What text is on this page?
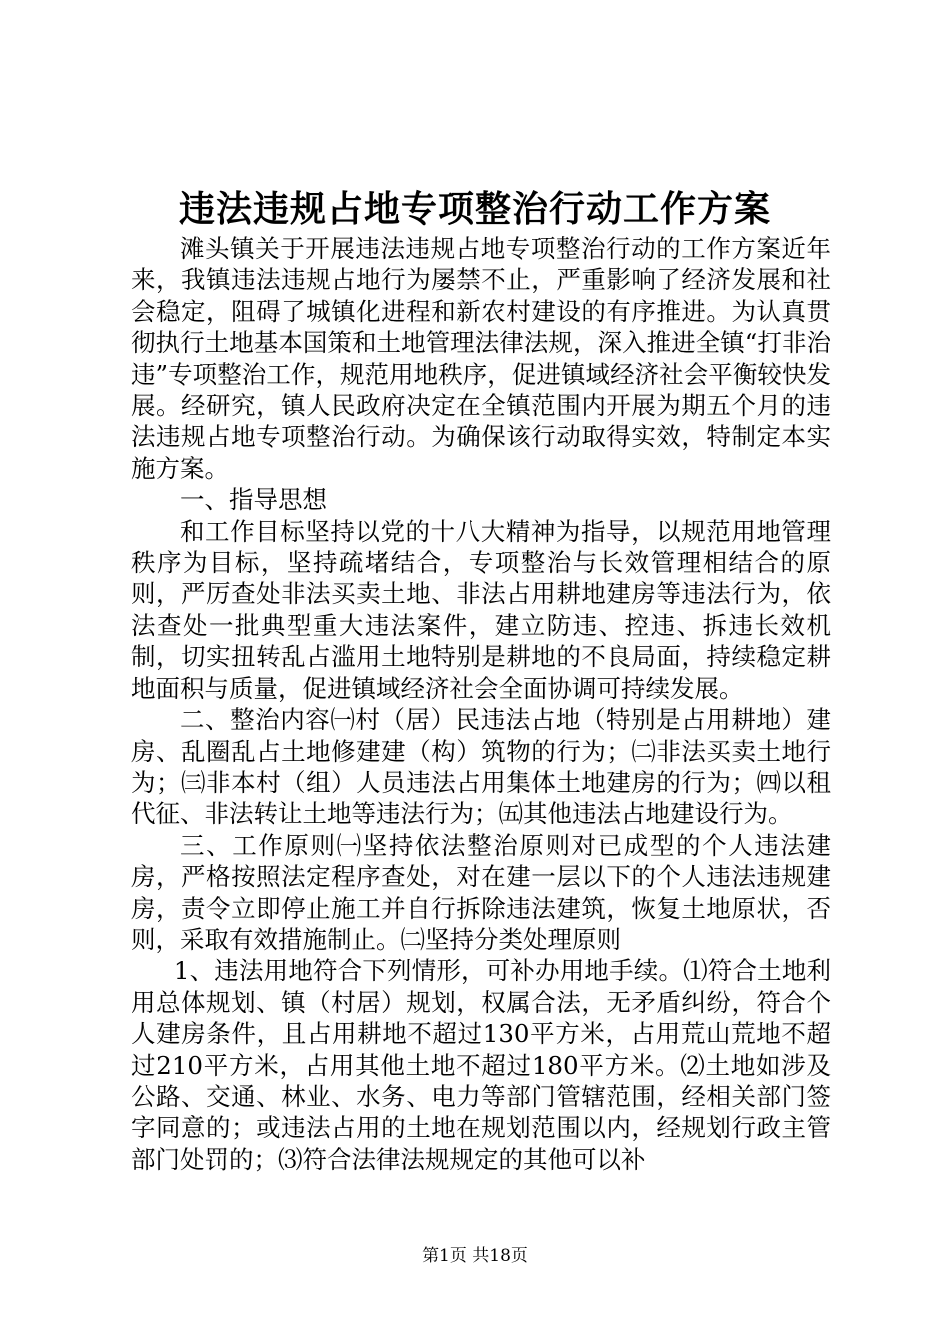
违法违规占地专项整治行动工作方案

滩头镇关于开展违法违规占地专项整治行动的工作方案近年来，我镇违法违规占地行为屡禁不止，严重影响了经济发展和社会稳定，阻碍了城镇化进程和新农村建设的有序推进。为认真贯彻执行土地基本国策和土地管理法律法规，深入推进全镇“打非治违”专项整治工作，规范用地秩序，促进镇域经济社会平衡较快发展。经研究，镇人民政府决定在全镇范围内开展为期五个月的违法违规占地专项整治行动。为确保该行动取得实效，特制定本实施方案。

一、指导思想

和工作目标坚持以党的十八大精神为指导，以规范用地管理秩序为目标，坚持疏堵结合，专项整治与长效管理相结合的原则，严厉查处非法买卖土地、非法占用耕地建房等违法行为，依法查处一批典型重大违法案件，建立防违、控违、拆违长效机制，切实扭转乱占滥用土地特别是耕地的不良局面，持续稳定耕地面积与质量，促进镇域经济社会全面协调可持续发展。

二、整治内容㈠村（居）民违法占地（特别是占用耕地）建房、乱圈乱占土地修建建（构）筑物的行为；㈡非法买卖土地行为；㈢非本村（组）人员违法占用集体土地建房的行为；㈣以租代征、非法转让土地等违法行为；㈤其他违法占地建设行为。

三、工作原则㈠坚持依法整治原则对已成型的个人违法建房，严格按照法定程序查处，对在建一层以下的个人违法违规建房，责令立即停止施工并自行拆除违法建筑，恢复土地原状，否则，采取有效措施制止。㈡坚持分类处理原则

1、违法用地符合下列情形，可补办用地手续。⑴符合土地利用总体规划、镇（村居）规划，权属合法，无矛盾纠纷，符合个人建房条件，且占用耕地不超过130平方米，占用荒山荒地不超过210平方米，占用其他土地不超过180平方米。⑵土地如涉及公路、交通、林业、水务、电力等部门管辖范围，经相关部门签字同意的；或违法占用的土地在规划范围以内，经规划行政主管部门处罚的；⑶符合法律法规规定的其他可以补

第1页 共18页
